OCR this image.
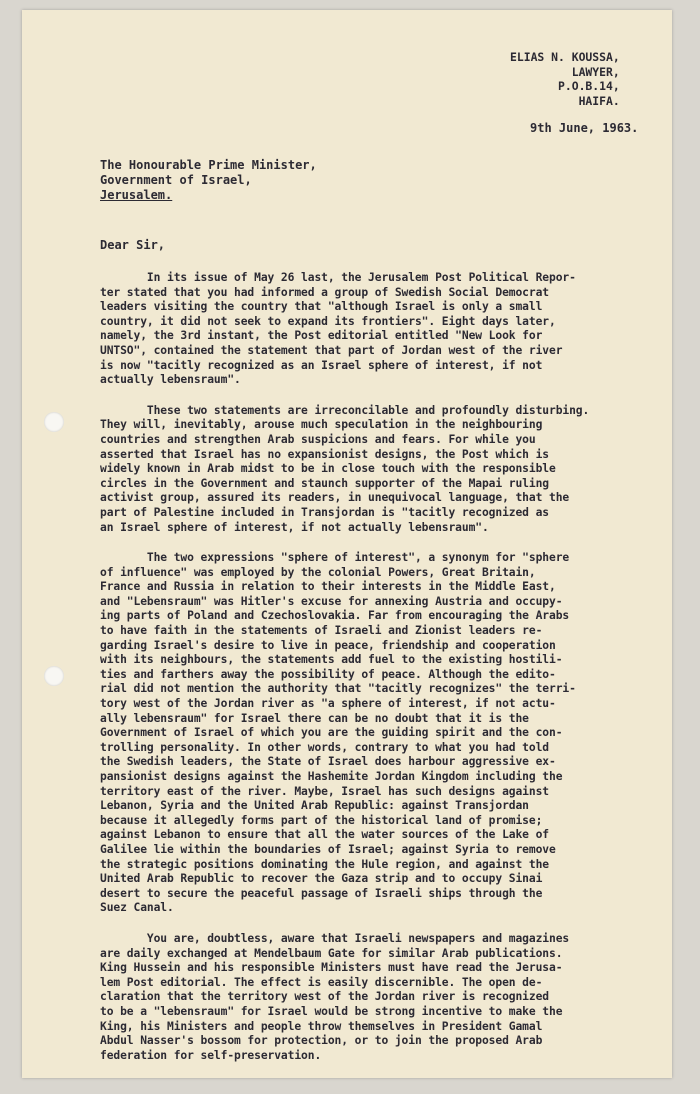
ELIAS N. KOUSSA,
LAWYER,
P.O.B.14,
HAIFA.
9th June, 1963.
The Honourable Prime Minister,
Government of Israel,
Jerusalem.
Dear Sir,
In its issue of May 26 last, the Jerusalem Post Political Repor-
ter stated that you had informed a group of Swedish Social Democrat
leaders visiting the country that "although Israel is only a small
country, it did not seek to expand its frontiers". Eight days later,
namely, the 3rd instant, the Post editorial entitled "New Look for
UNTSO", contained the statement that part of Jordan west of the river
is now "tacitly recognized as an Israel sphere of interest, if not
actually lebensraum".
These two statements are irreconcilable and profoundly disturbing.
They will, inevitably, arouse much speculation in the neighbouring
countries and strengthen Arab suspicions and fears. For while you
asserted that Israel has no expansionist designs, the Post which is
widely known in Arab midst to be in close touch with the responsible
circles in the Government and staunch supporter of the Mapai ruling
activist group, assured its readers, in unequivocal language, that the
part of Palestine included in Transjordan is "tacitly recognized as
an Israel sphere of interest, if not actually lebensraum".
The two expressions "sphere of interest", a synonym for "sphere
of influence" was employed by the colonial Powers, Great Britain,
France and Russia in relation to their interests in the Middle East,
and "Lebensraum" was Hitler's excuse for annexing Austria and occupy-
ing parts of Poland and Czechoslovakia. Far from encouraging the Arabs
to have faith in the statements of Israeli and Zionist leaders re-
garding Israel's desire to live in peace, friendship and cooperation
with its neighbours, the statements add fuel to the existing hostili-
ties and farthers away the possibility of peace. Although the edito-
rial did not mention the authority that "tacitly recognizes" the terri-
tory west of the Jordan river as "a sphere of interest, if not actu-
ally lebensraum" for Israel there can be no doubt that it is the
Government of Israel of which you are the guiding spirit and the con-
trolling personality. In other words, contrary to what you had told
the Swedish leaders, the State of Israel does harbour aggressive ex-
pansionist designs against the Hashemite Jordan Kingdom including the
territory east of the river. Maybe, Israel has such designs against
Lebanon, Syria and the United Arab Republic: against Transjordan
because it allegedly forms part of the historical land of promise;
against Lebanon to ensure that all the water sources of the Lake of
Galilee lie within the boundaries of Israel; against Syria to remove
the strategic positions dominating the Hule region, and against the
United Arab Republic to recover the Gaza strip and to occupy Sinai
desert to secure the peaceful passage of Israeli ships through the
Suez Canal.
You are, doubtless, aware that Israeli newspapers and magazines
are daily exchanged at Mendelbaum Gate for similar Arab publications.
King Hussein and his responsible Ministers must have read the Jerusa-
lem Post editorial. The effect is easily discernible. The open de-
claration that the territory west of the Jordan river is recognized
to be a "lebensraum" for Israel would be strong incentive to make the
King, his Ministers and people throw themselves in President Gamal
Abdul Nasser's bossom for protection, or to join the proposed Arab
federation for self-preservation.
